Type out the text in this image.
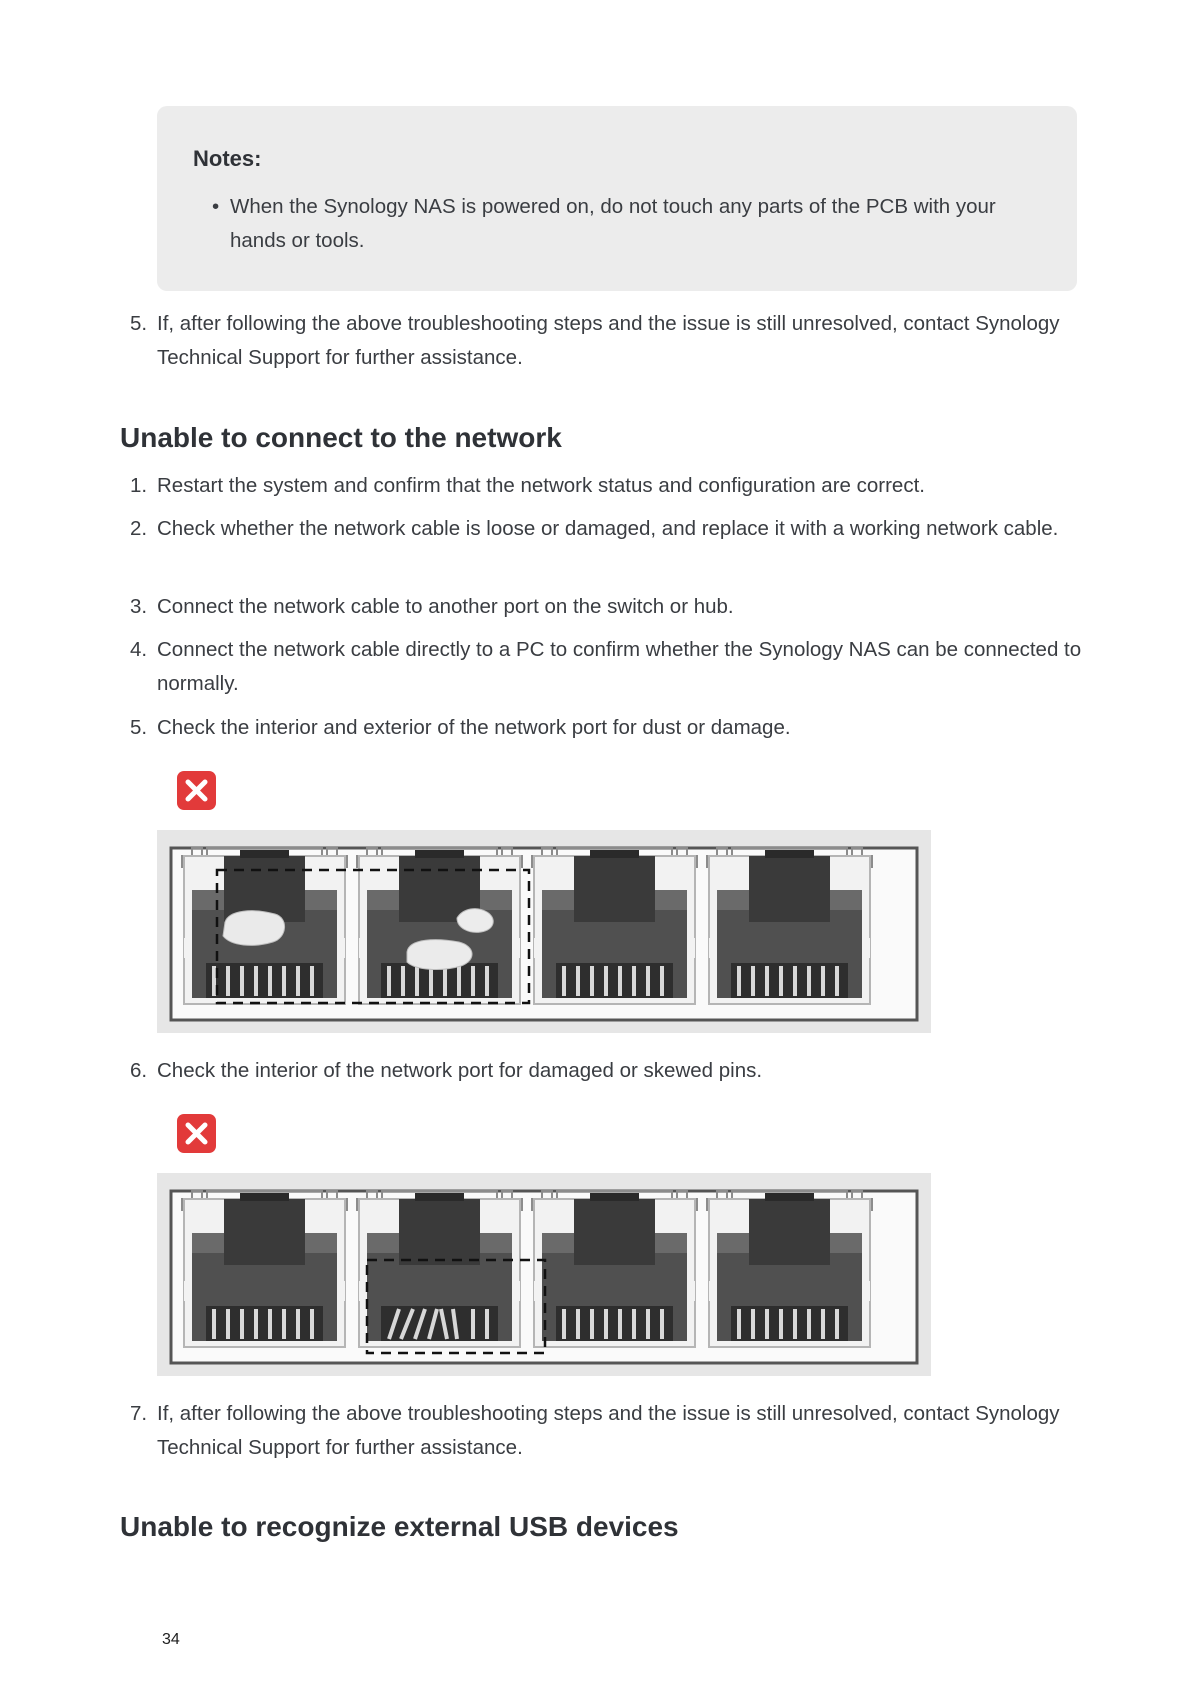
Notes:
• When the Synology NAS is powered on, do not touch any parts of the PCB with your hands or tools.
5. If, after following the above troubleshooting steps and the issue is still unresolved, contact Synology Technical Support for further assistance.
Unable to connect to the network
1. Restart the system and confirm that the network status and configuration are correct.
2. Check whether the network cable is loose or damaged, and replace it with a working network cable.
3. Connect the network cable to another port on the switch or hub.
4. Connect the network cable directly to a PC to confirm whether the Synology NAS can be connected to normally.
5. Check the interior and exterior of the network port for dust or damage.
6. Check the interior of the network port for damaged or skewed pins.
7. If, after following the above troubleshooting steps and the issue is still unresolved, contact Synology Technical Support for further assistance.
Unable to recognize external USB devices
34
